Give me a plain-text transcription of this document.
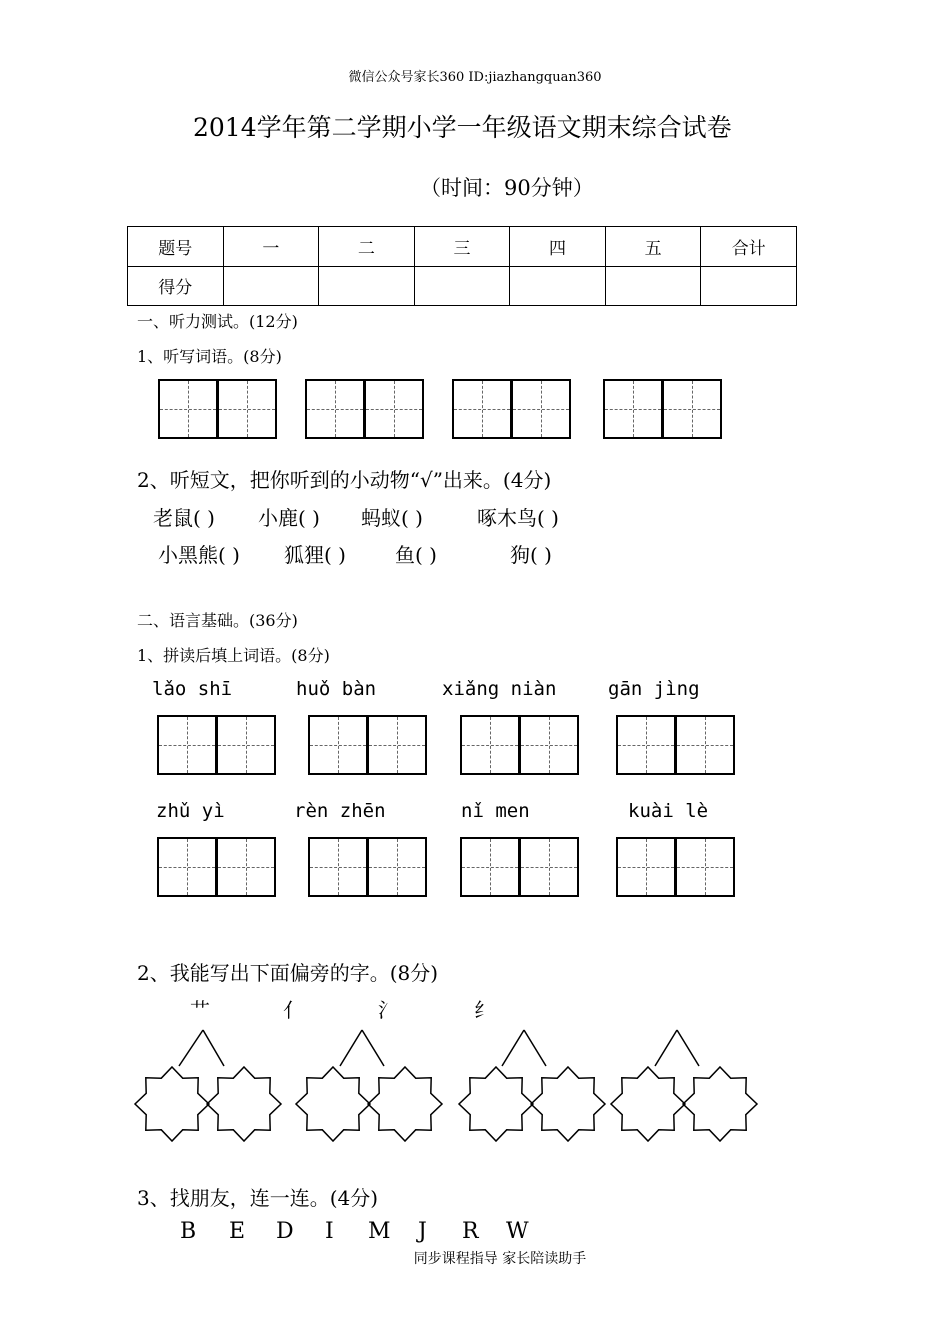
微信公众号家长360 ID:jiazhangquan360
2014学年第二学期小学一年级语文期末综合试卷
（时间：90分钟）
题号	一	二	三	四	五	合计
得分						
一、听力测试。(12分)
1、听写词语。(8分)
2、听短文，把你听到的小动物“√”出来。(4分)
老鼠( ) 小鹿( ) 蚂蚁( )	啄木鸟( )
小黑熊( ) 狐狸( ) 鱼( )	狗( )
二、语言基础。(36分)
1、拼读后填上词语。(8分)
lǎo shī	huǒ bàn	xiǎng niàn	gān jìng
zhǔ yì	rèn zhēn	nǐ men	kuài lè
2、我能写出下面偏旁的字。(8分)
艹	亻	氵	纟
3、找朋友，连一连。(4分)
B E D I M J R W
同步课程指导 家长陪读助手
